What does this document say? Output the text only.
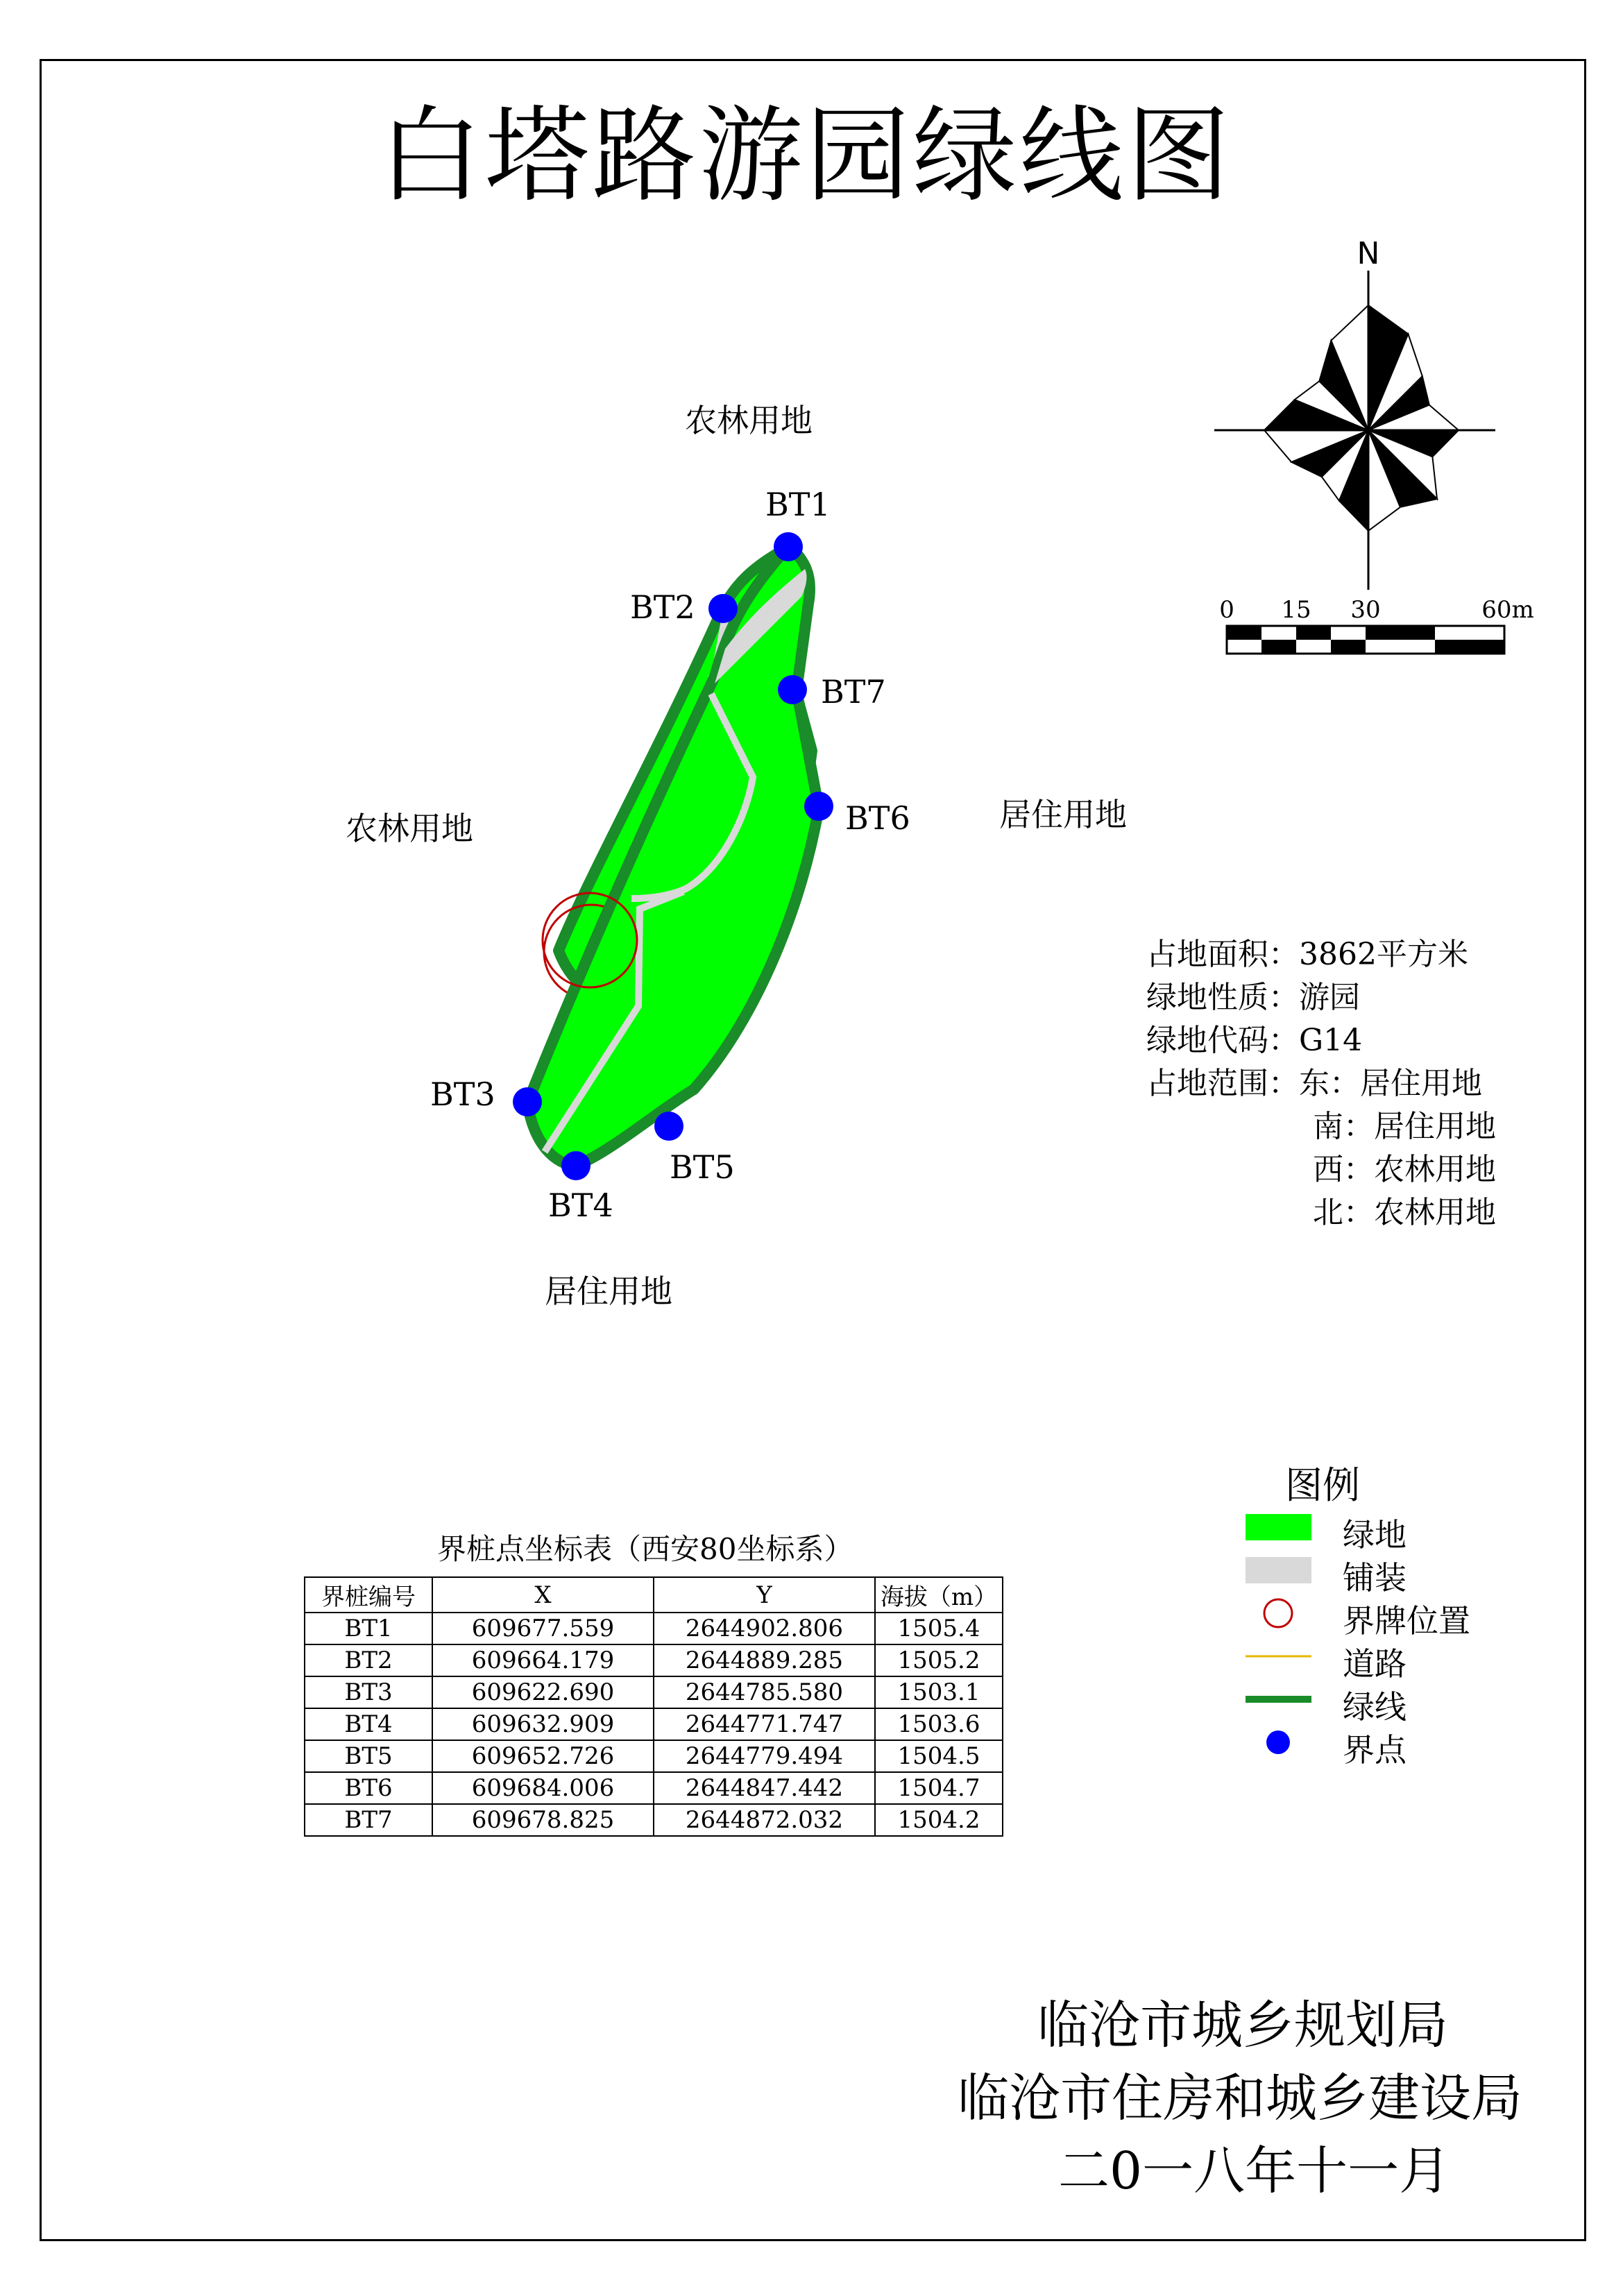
白塔路游园绿线图
N
0 15 30	60m
BT1
BT2
BT3
BT4
BT5
BT6
BT7
农林用地
农林用地	居住用地
居住用地
占地面积：3862平方米
绿地性质：游园
绿地代码：G14
占地范围：东：居住用地
南：居住用地
西：农林用地
北：农林用地
图例
绿地
铺装
界牌位置
道路
绿线
界点
界桩点坐标表（西安80坐标系）
界桩编号	X	Y	海拔（m）
BT1	609677.559	2644902.806	1505.4
BT2	609664.179	2644889.285	1505.2
BT3	609622.690	2644785.580	1503.1
BT4	609632.909	2644771.747	1503.6
BT5	609652.726	2644779.494	1504.5
BT6	609684.006	2644847.442	1504.7
BT7	609678.825	2644872.032	1504.2
临沧市城乡规划局
临沧市住房和城乡建设局
二0一八年十一月
